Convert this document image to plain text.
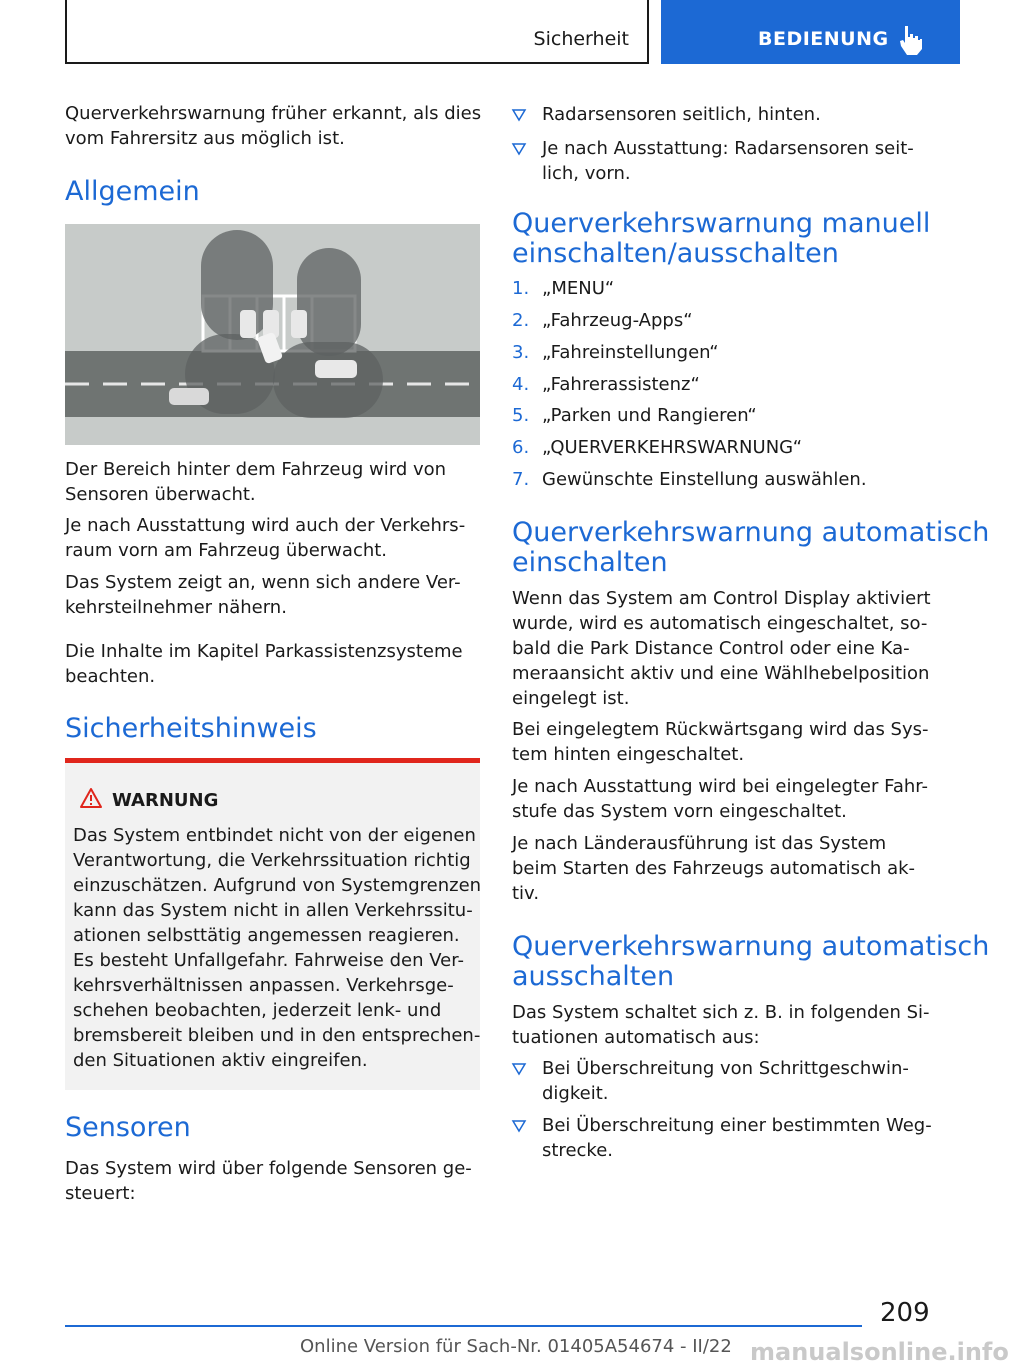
Sicherheit	BEDIENUNG

Querverkehrswarnung früher erkannt, als dies

vom Fahrersitz aus möglich ist.

Allgemein

Der Bereich hinter dem Fahrzeug wird von

Sensoren überwacht.

Je nach Ausstattung wird auch der Verkehrs-

raum vorn am Fahrzeug überwacht.

Das System zeigt an, wenn sich andere Ver-

kehrsteilnehmer nähern.

Die Inhalte im Kapitel Parkassistenzsysteme

beachten.

Sicherheitshinweis
WARNUNG
Das System entbindet nicht von der eigenen
Verantwortung, die Verkehrssituation richtig
einzuschätzen. Aufgrund von Systemgrenzen
kann das System nicht in allen Verkehrssitu-
ationen selbsttätig angemessen reagieren.
Es besteht Unfallgefahr. Fahrweise den Ver-
kehrsverhältnissen anpassen. Verkehrsge-
schehen beobachten, jederzeit lenk- und
bremsbereit bleiben und in den entsprechen-
den Situationen aktiv eingreifen.
Sensoren

Das System wird über folgende Sensoren ge-

steuert:

Radarsensoren seitlich, hinten.

Je nach Ausstattung: Radarsensoren seit-

lich, vorn.

Querverkehrswarnung manuell
einschalten/ausschalten
1. „MENU“
2. „Fahrzeug-Apps“
3. „Fahreinstellungen“
4. „Fahrerassistenz“
5. „Parken und Rangieren“
6. „QUERVERKEHRSWARNUNG“
7. Gewünschte Einstellung auswählen.
Querverkehrswarnung automatisch
einschalten

Wenn das System am Control Display aktiviert

wurde, wird es automatisch eingeschaltet, so-

bald die Park Distance Control oder eine Ka-

meraansicht aktiv und eine Wählhebelposition

eingelegt ist.

Bei eingelegtem Rückwärtsgang wird das Sys-

tem hinten eingeschaltet.

Je nach Ausstattung wird bei eingelegter Fahr-

stufe das System vorn eingeschaltet.

Je nach Länderausführung ist das System

beim Starten des Fahrzeugs automatisch ak-

tiv.

Querverkehrswarnung automatisch
ausschalten

Das System schaltet sich z. B. in folgenden Si-

tuationen automatisch aus:

Bei Überschreitung von Schrittgeschwin-

digkeit.

Bei Überschreitung einer bestimmten Weg-

strecke.

209
Online Version für Sach-Nr. 01405A54674 - II/22 manualsonline.info
